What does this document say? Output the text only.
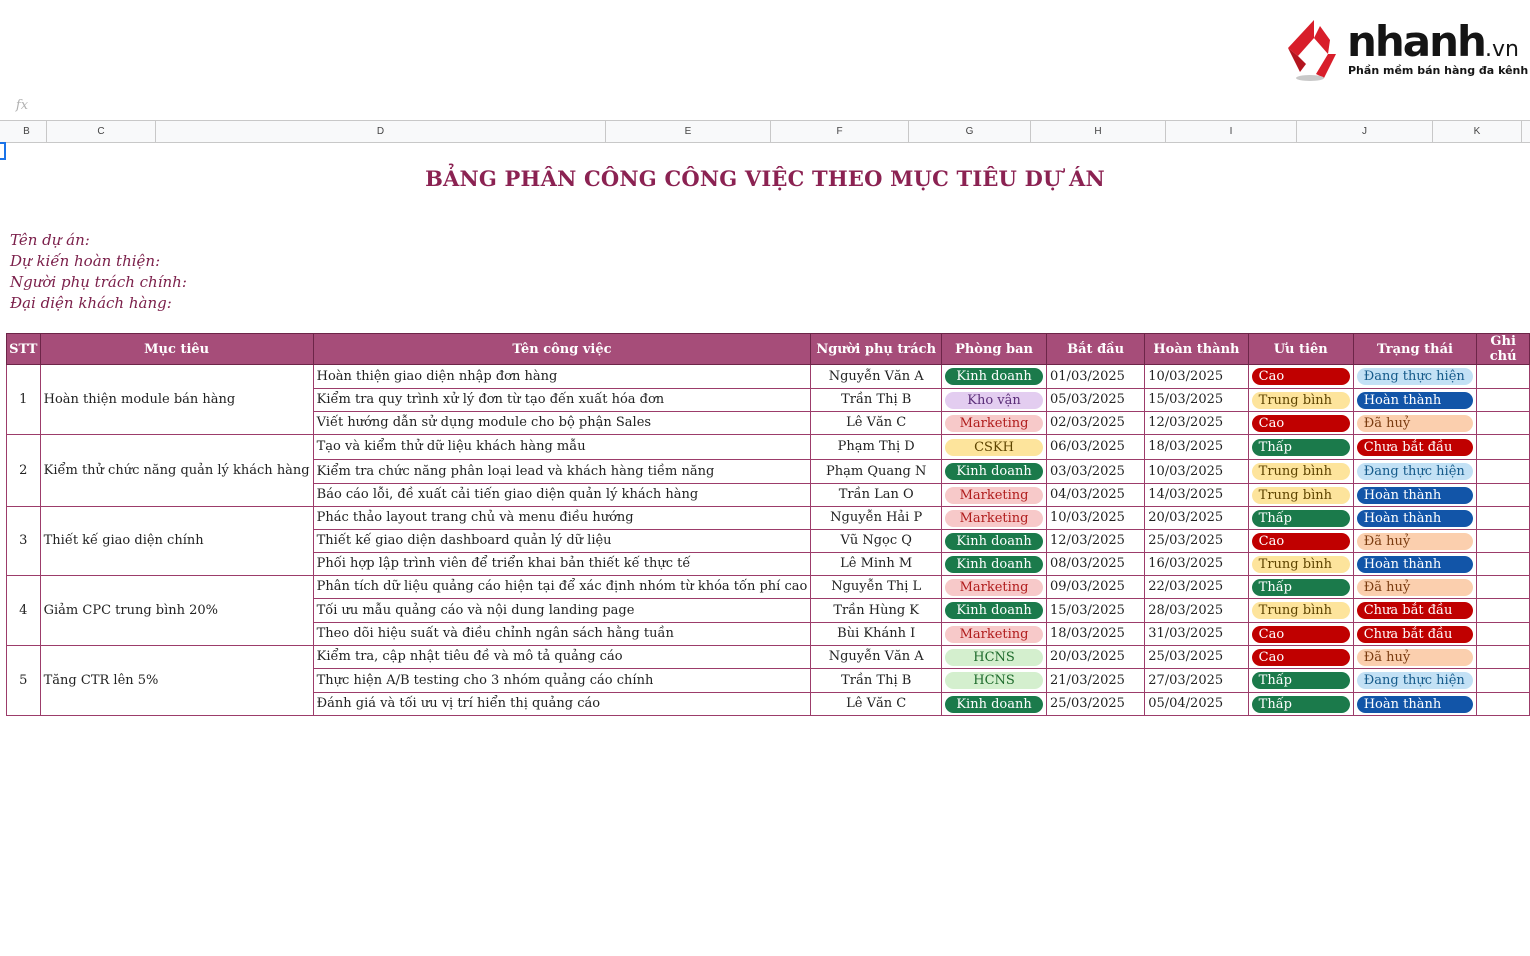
nhanh.vn
Phần mềm bán hàng đa kênh
fx
B	C	D	E	F	G	H	I	J	K
BẢNG PHÂN CÔNG CÔNG VIỆC THEO MỤC TIÊU DỰ ÁN
Tên dự án:
Dự kiến hoàn thiện:
Người phụ trách chính:
Đại diện khách hàng:
STT	Mục tiêu	Tên công việc	Người phụ trách	Phòng ban	Bắt đầu	Hoàn thành	Ưu tiên	Trạng thái	Ghi chú
1	Hoàn thiện module bán hàng	Hoàn thiện giao diện nhập đơn hàng	Nguyễn Văn A	Kinh doanh	01/03/2025	10/03/2025	Cao	Đang thực hiện	

		Kiểm tra quy trình xử lý đơn từ tạo đến xuất hóa đơn	Trần Thị B	Kho vận	05/03/2025	15/03/2025	Trung bình	Hoàn thành	

		Viết hướng dẫn sử dụng module cho bộ phận Sales	Lê Văn C	Marketing	02/03/2025	12/03/2025	Cao	Đã huỷ	

2	Kiểm thử chức năng quản lý khách hàng	Tạo và kiểm thử dữ liệu khách hàng mẫu	Phạm Thị D	CSKH	06/03/2025	18/03/2025	Thấp	Chưa bắt đầu	

		Kiểm tra chức năng phân loại lead và khách hàng tiềm năng	Phạm Quang N	Kinh doanh	03/03/2025	10/03/2025	Trung bình	Đang thực hiện	

		Báo cáo lỗi, đề xuất cải tiến giao diện quản lý khách hàng	Trần Lan O	Marketing	04/03/2025	14/03/2025	Trung bình	Hoàn thành	

3	Thiết kế giao diện chính	Phác thảo layout trang chủ và menu điều hướng	Nguyễn Hải P	Marketing	10/03/2025	20/03/2025	Thấp	Hoàn thành	

		Thiết kế giao diện dashboard quản lý dữ liệu	Vũ Ngọc Q	Kinh doanh	12/03/2025	25/03/2025	Cao	Đã huỷ	

		Phối hợp lập trình viên để triển khai bản thiết kế thực tế	Lê Minh M	Kinh doanh	08/03/2025	16/03/2025	Trung bình	Hoàn thành	

4	Giảm CPC trung bình 20%	Phân tích dữ liệu quảng cáo hiện tại để xác định nhóm từ khóa tốn phí cao	Nguyễn Thị L	Marketing	09/03/2025	22/03/2025	Thấp	Đã huỷ	

		Tối ưu mẫu quảng cáo và nội dung landing page	Trần Hùng K	Kinh doanh	15/03/2025	28/03/2025	Trung bình	Chưa bắt đầu	

		Theo dõi hiệu suất và điều chỉnh ngân sách hằng tuần	Bùi Khánh I	Marketing	18/03/2025	31/03/2025	Cao	Chưa bắt đầu	

5	Tăng CTR lên 5%	Kiểm tra, cập nhật tiêu đề và mô tả quảng cáo	Nguyễn Văn A	HCNS	20/03/2025	25/03/2025	Cao	Đã huỷ	

		Thực hiện A/B testing cho 3 nhóm quảng cáo chính	Trần Thị B	HCNS	21/03/2025	27/03/2025	Thấp	Đang thực hiện	

		Đánh giá và tối ưu vị trí hiển thị quảng cáo	Lê Văn C	Kinh doanh	25/03/2025	05/04/2025	Thấp	Hoàn thành	
